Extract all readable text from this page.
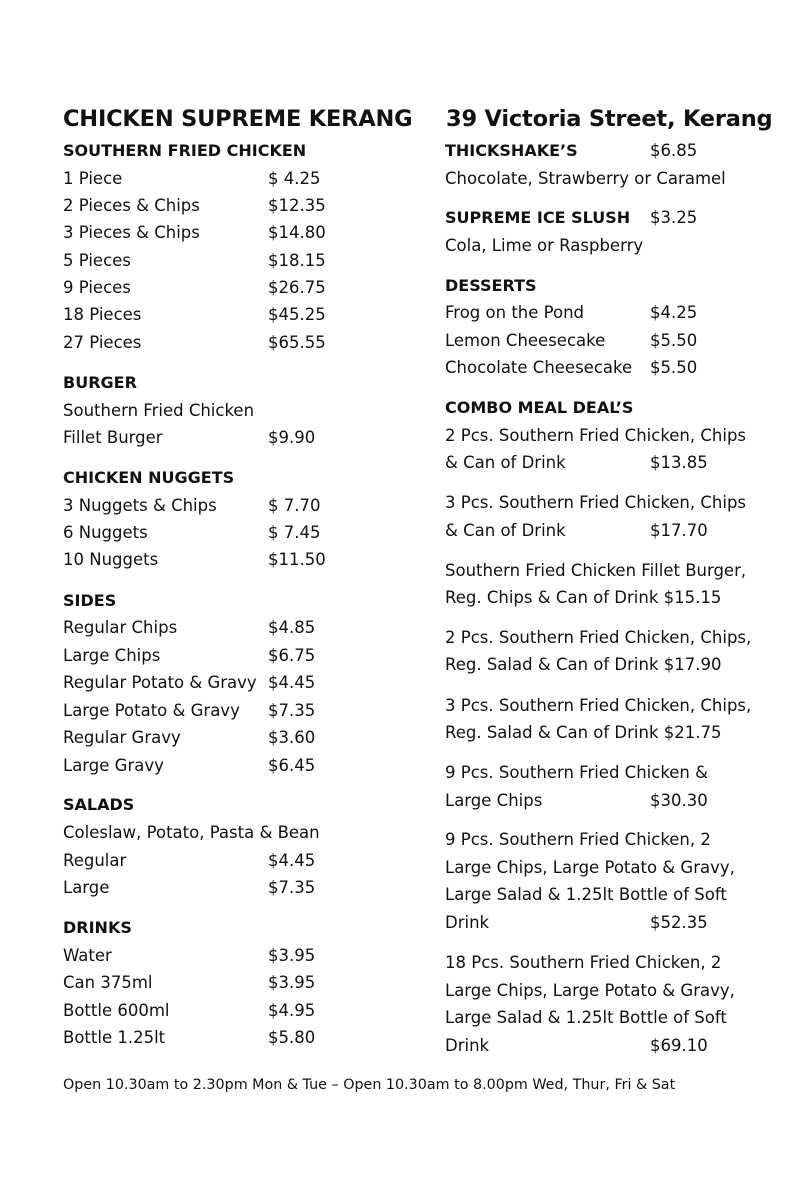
CHICKEN SUPREME KERANG 39 Victoria Street, Kerang
SOUTHERN FRIED CHICKEN
1 Piece	$ 4.25
2 Pieces & Chips	$12.35
3 Pieces & Chips	$14.80
5 Pieces	$18.15
9 Pieces	$26.75
18 Pieces	$45.25
27 Pieces	$65.55
BURGER
Southern Fried Chicken
Fillet Burger	$9.90
CHICKEN NUGGETS
3 Nuggets & Chips	$ 7.70
6 Nuggets	$ 7.45
10 Nuggets	$11.50
SIDES
Regular Chips	$4.85
Large Chips	$6.75
Regular Potato & Gravy $4.45
Large Potato & Gravy $7.35
Regular Gravy	$3.60
Large Gravy	$6.45
SALADS
Coleslaw, Potato, Pasta & Bean
Regular	$4.45
Large	$7.35
DRINKS
Water	$3.95
Can 375ml	$3.95
Bottle 600ml	$4.95
Bottle 1.25lt	$5.80
THICKSHAKE’S	$6.85
Chocolate, Strawberry or Caramel
SUPREME ICE SLUSH $3.25
Cola, Lime or Raspberry
DESSERTS
Frog on the Pond	$4.25
Lemon Cheesecake	$5.50
Chocolate Cheesecake $5.50
COMBO MEAL DEAL’S
2 Pcs. Southern Fried Chicken, Chips
& Can of Drink	$13.85
3 Pcs. Southern Fried Chicken, Chips
& Can of Drink	$17.70
Southern Fried Chicken Fillet Burger,
Reg. Chips & Can of Drink $15.15
2 Pcs. Southern Fried Chicken, Chips,
Reg. Salad & Can of Drink $17.90
3 Pcs. Southern Fried Chicken, Chips,
Reg. Salad & Can of Drink $21.75
9 Pcs. Southern Fried Chicken &
Large Chips	$30.30
9 Pcs. Southern Fried Chicken, 2
Large Chips, Large Potato & Gravy,
Large Salad & 1.25lt Bottle of Soft
Drink	$52.35
18 Pcs. Southern Fried Chicken, 2
Large Chips, Large Potato & Gravy,
Large Salad & 1.25lt Bottle of Soft
Drink	$69.10
Open 10.30am to 2.30pm Mon & Tue – Open 10.30am to 8.00pm Wed, Thur, Fri & Sat
